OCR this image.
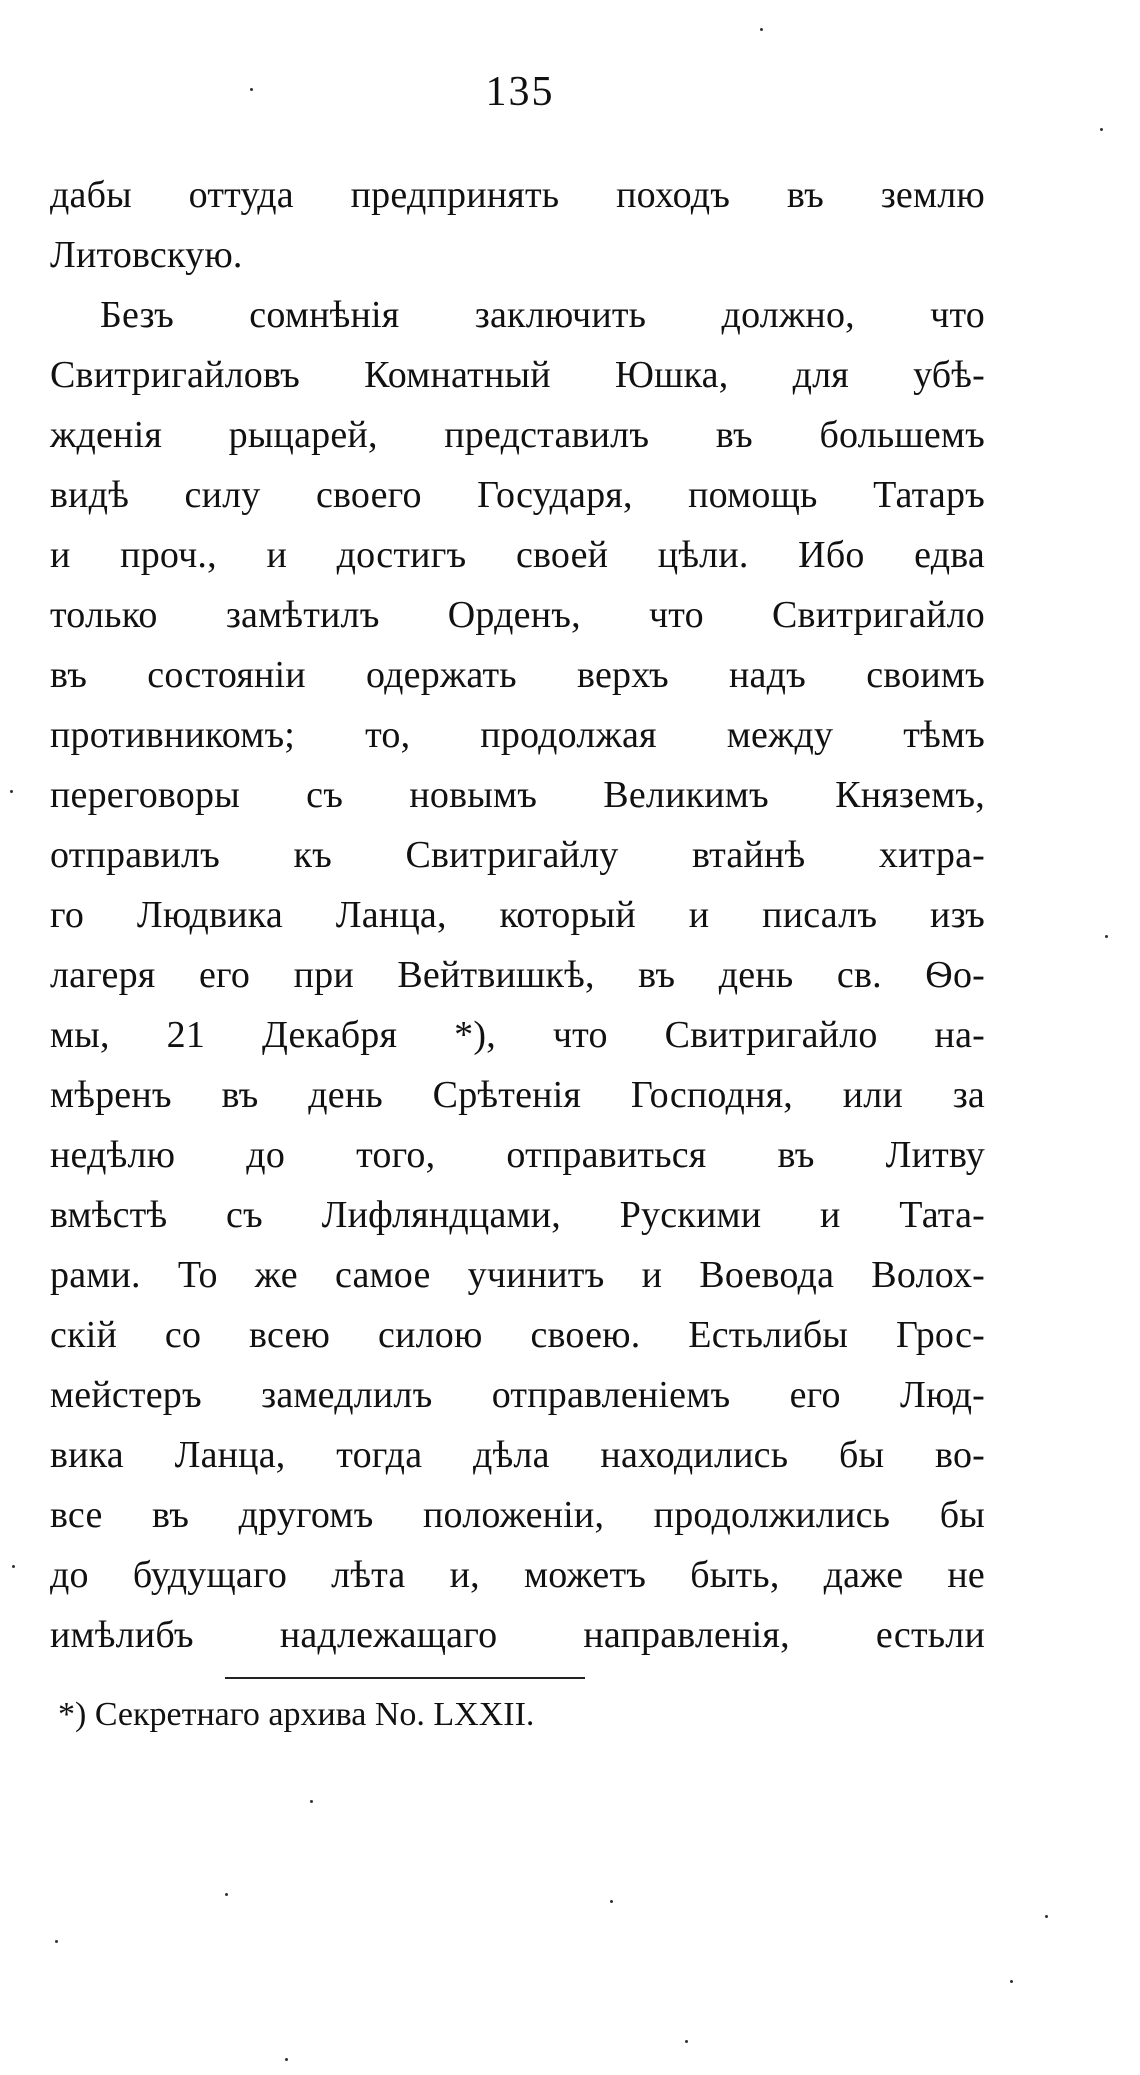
135
дабы оттуда предпринять походъ въ землю
Литовскую.
Безъ сомнѣнія заключить должно, что
Свитригайловъ Комнатный Юшка, для убѣ-
жденія рыцарей, представилъ въ большемъ
видѣ силу своего Государя, помощь Татаръ
и проч., и достигъ своей цѣли. Ибо едва
только замѣтилъ Орденъ, что Свитригайло
въ состояніи одержать верхъ надъ своимъ
противникомъ; то, продолжая между тѣмъ
переговоры съ новымъ Великимъ Княземъ,
отправилъ къ Свитригайлу втайнѣ хитра-
го Людвика Ланца, который и писалъ изъ
лагеря его при Вейтвишкѣ, въ день св. Ѳо-
мы, 21 Декабря *), что Свитригайло на-
мѣренъ въ день Срѣтенія Господня, или за
недѣлю до того, отправиться въ Литву
вмѣстѣ съ Лифляндцами, Рускими и Тата-
рами. То же самое учинитъ и Воевода Волох-
скій со всею силою своею. Естьлибы Грос-
мейстеръ замедлилъ отправленіемъ его Люд-
вика Ланца, тогда дѣла находились бы во-
все въ другомъ положеніи, продолжились бы
до будущаго лѣта и, можетъ быть, даже не
имѣлибъ надлежащаго направленія, естьли
*) Секретнаго архива No. LXXII.
